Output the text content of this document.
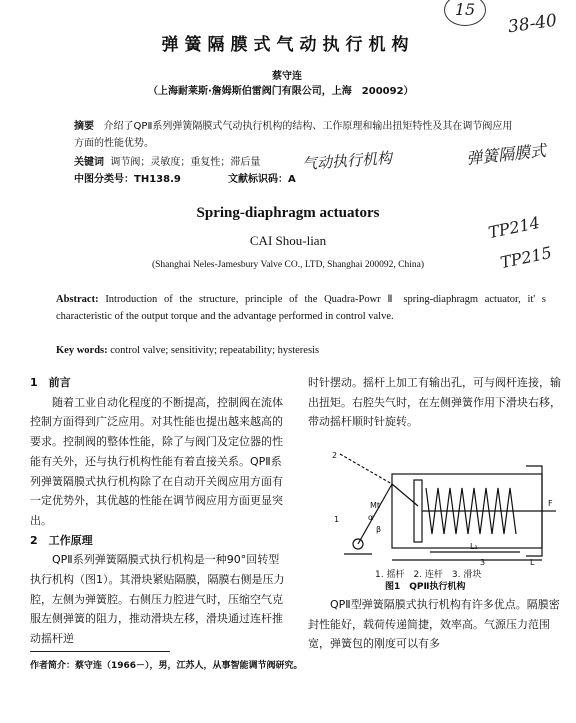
15
38-40
气动执行机构	弹簧隔膜式
TP214
TP215
弹簧隔膜式气动执行机构
蔡守连
（上海耐莱斯·詹姆斯伯雷阀门有限公司，上海　200092）
摘要 介绍了QPⅡ系列弹簧隔膜式气动执行机构的结构、工作原理和输出扭矩特性及其在调节阀应用方面的性能优势。
关键词 调节阀；灵敏度；重复性；滞后量
中图分类号：TH138.9	文献标识码：A
Spring-diaphragm actuators
CAI Shou-lian
(Shanghai Neles-Jamesbury Valve CO., LTD, Shanghai 200092, China)
Abstract: Introduction of the structure, principle of the Quadra-Powr Ⅱ spring-diaphragm actuator, it' s characteristic of the output torque and the advantage performed in control valve.
Key words: control valve; sensitivity; repeatability; hysteresis
1　前言
随着工业自动化程度的不断提高，控制阀在流体控制方面得到广泛应用。对其性能也提出越来越高的要求。控制阀的整体性能，除了与阀门及定位器的性能有关外，还与执行机构性能有着直接关系。QPⅡ系列弹簧隔膜式执行机构除了在自动开关阀应用方面有一定优势外，其优越的性能在调节阀应用方面更显突出。
2　工作原理
QPⅡ系列弹簧隔膜式执行机构是一种90°回转型执行机构（图1）。其滑块紧贴隔膜，隔膜右侧是压力腔，左侧为弹簧腔。右侧压力腔进气时，压缩空气克服左侧弹簧的阻力，推动滑块左移，滑块通过连杆推动摇杆逆
时针摆动。摇杆上加工有输出孔，可与阀杆连接，输出扭矩。右腔失气时，在左侧弹簧作用下滑块右移，带动摇杆顺时针旋转。
2
1
3
β
α
Mt	F
L₁
L
1. 摇杆　2. 连杆　3. 滑块
图1　QPⅡ执行机构
QPⅡ型弹簧隔膜式执行机构有许多优点。隔膜密封性能好，载荷传递简捷，效率高。气源压力范围宽，弹簧包的刚度可以有多
作者简介：蔡守连（1966－），男，江苏人，从事智能调节阀研究。
